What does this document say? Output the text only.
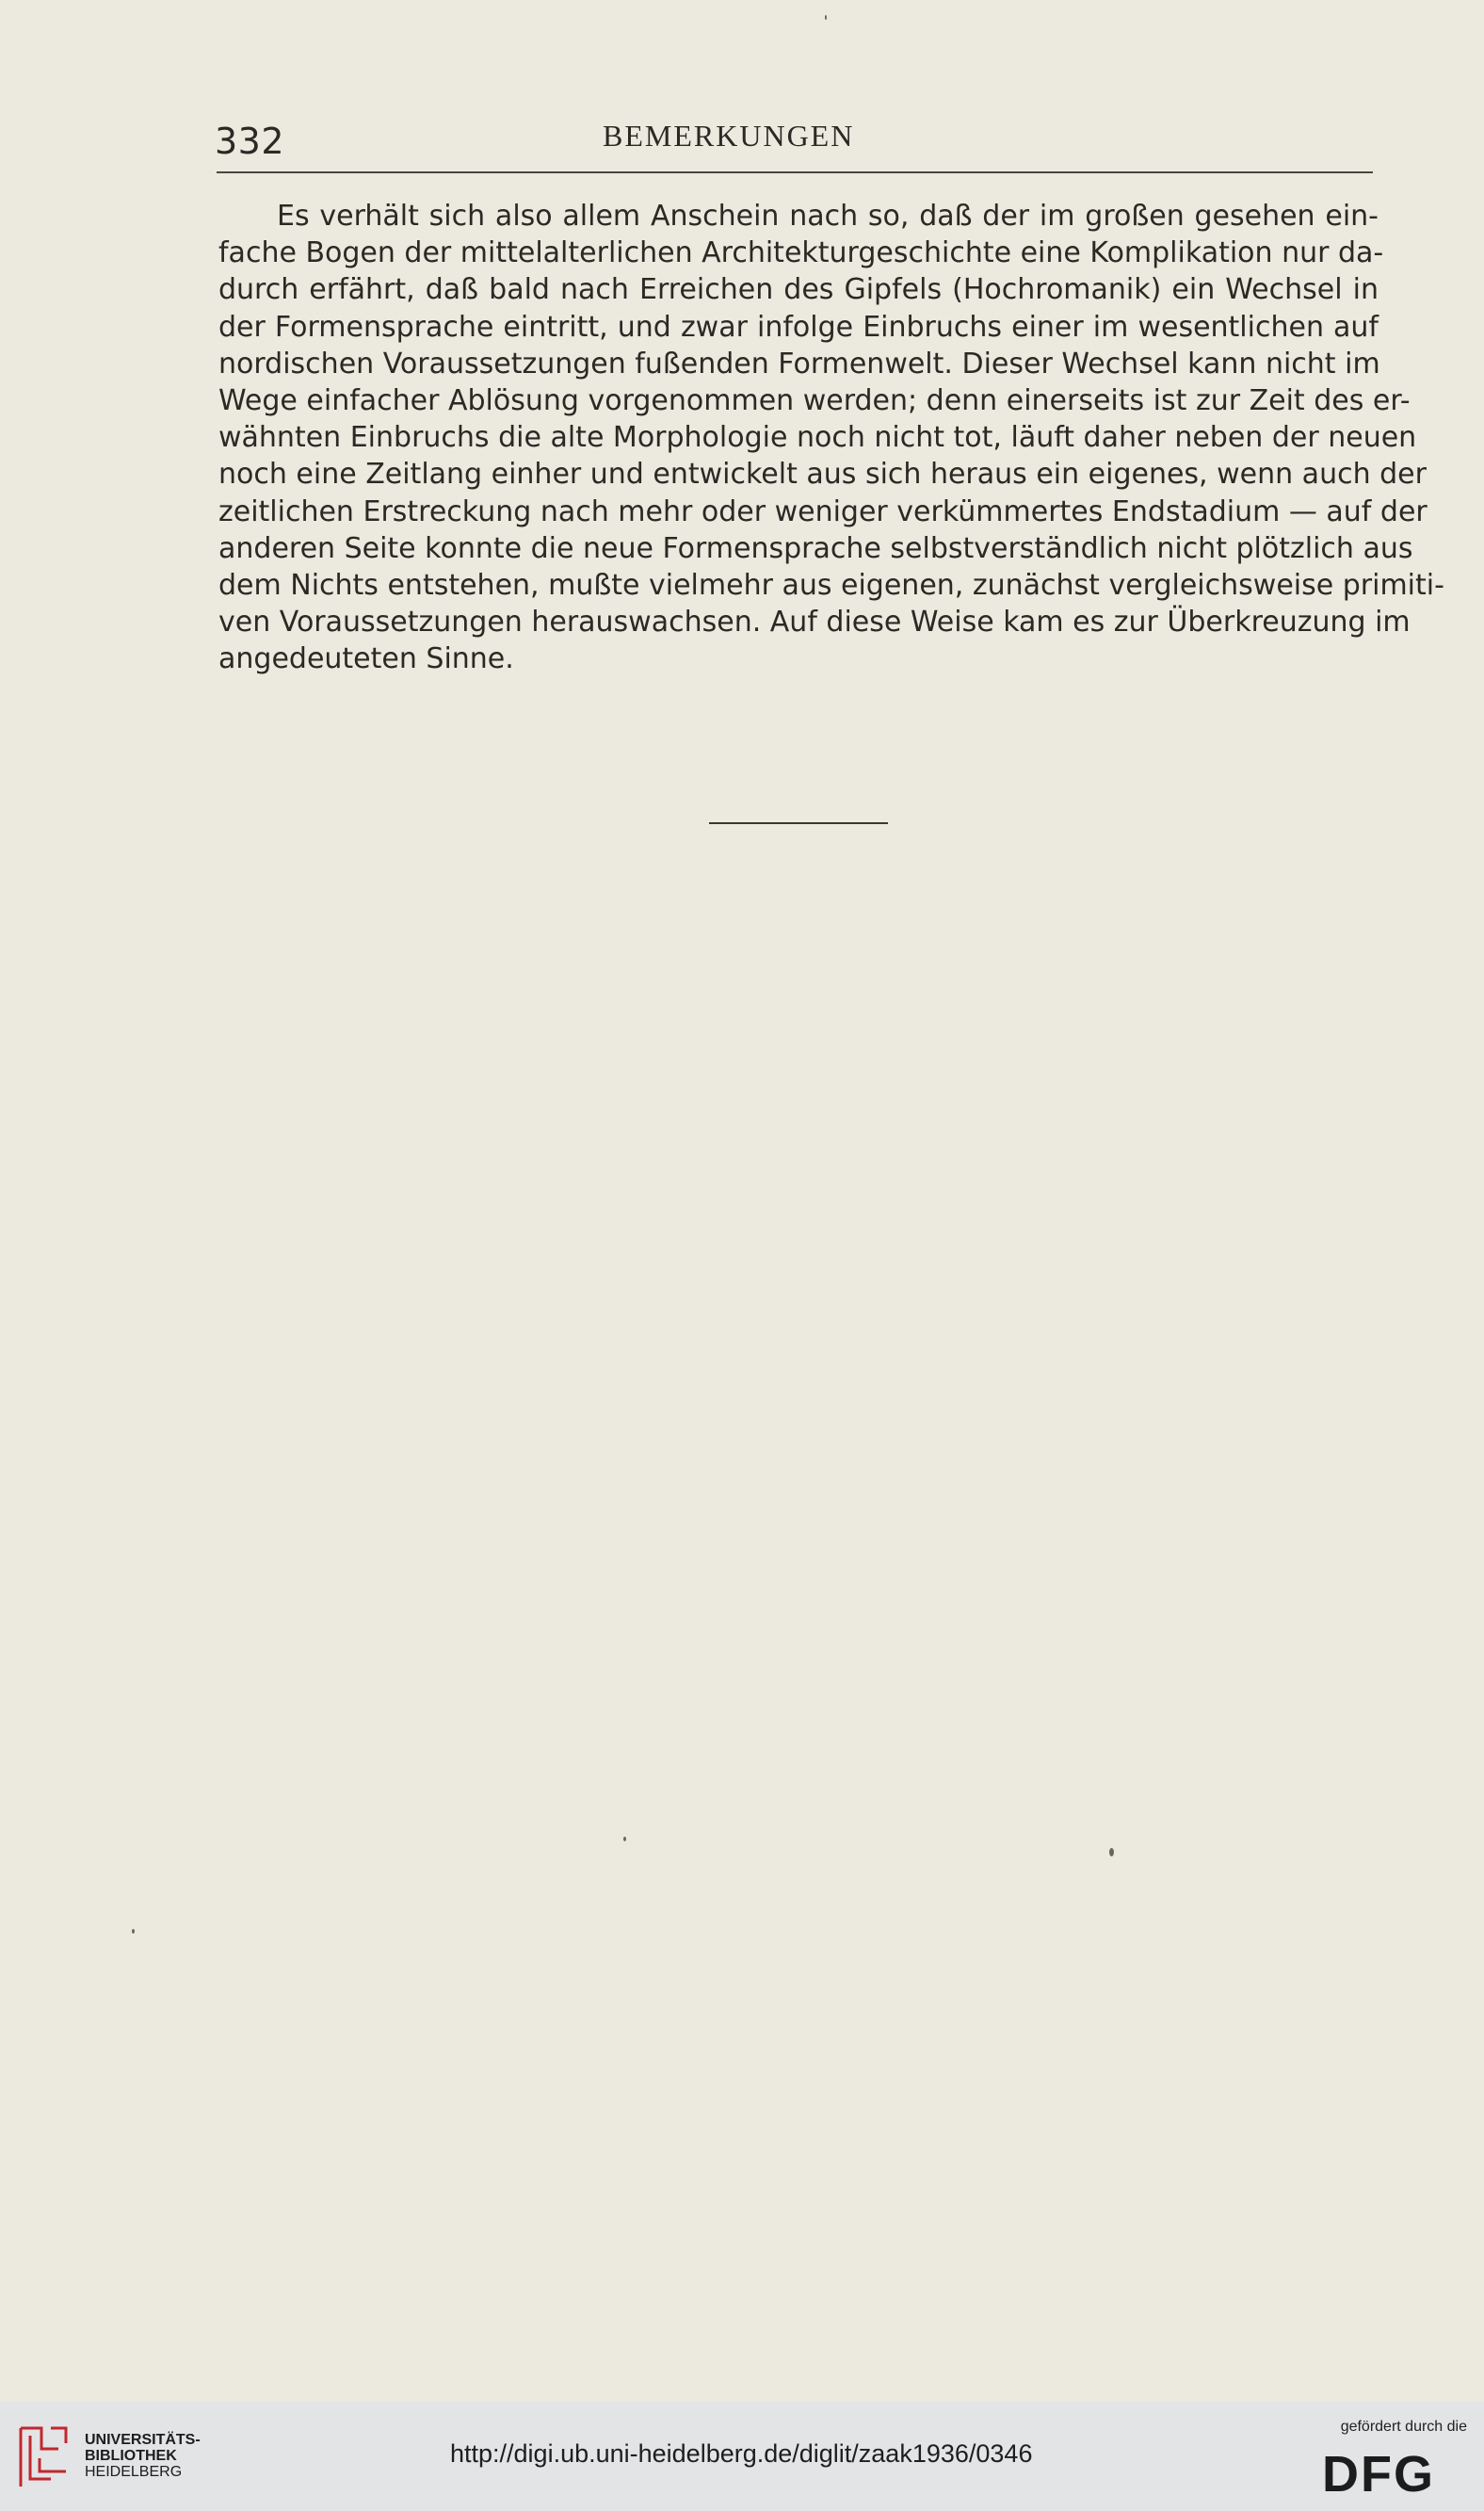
332	BEMERKUNGEN
Es verhält sich also allem Anschein nach so, daß der im großen gesehen ein-
fache Bogen der mittelalterlichen Architekturgeschichte eine Komplikation nur da-
durch erfährt, daß bald nach Erreichen des Gipfels (Hochromanik) ein Wechsel in
der Formensprache eintritt, und zwar infolge Einbruchs einer im wesentlichen auf
nordischen Voraussetzungen fußenden Formenwelt. Dieser Wechsel kann nicht im
Wege einfacher Ablösung vorgenommen werden; denn einerseits ist zur Zeit des er-
wähnten Einbruchs die alte Morphologie noch nicht tot, läuft daher neben der neuen
noch eine Zeitlang einher und entwickelt aus sich heraus ein eigenes, wenn auch der
zeitlichen Erstreckung nach mehr oder weniger verkümmertes Endstadium — auf der
anderen Seite konnte die neue Formensprache selbstverständlich nicht plötzlich aus
dem Nichts entstehen, mußte vielmehr aus eigenen, zunächst vergleichsweise primiti-
ven Voraussetzungen herauswachsen. Auf diese Weise kam es zur Überkreuzung im
angedeuteten Sinne.
UNIVERSITÄTS-
BIBLIOTHEK
HEIDELBERG
http://digi.ub.uni-heidelberg.de/diglit/zaak1936/0346
gefördert durch die
DFG
